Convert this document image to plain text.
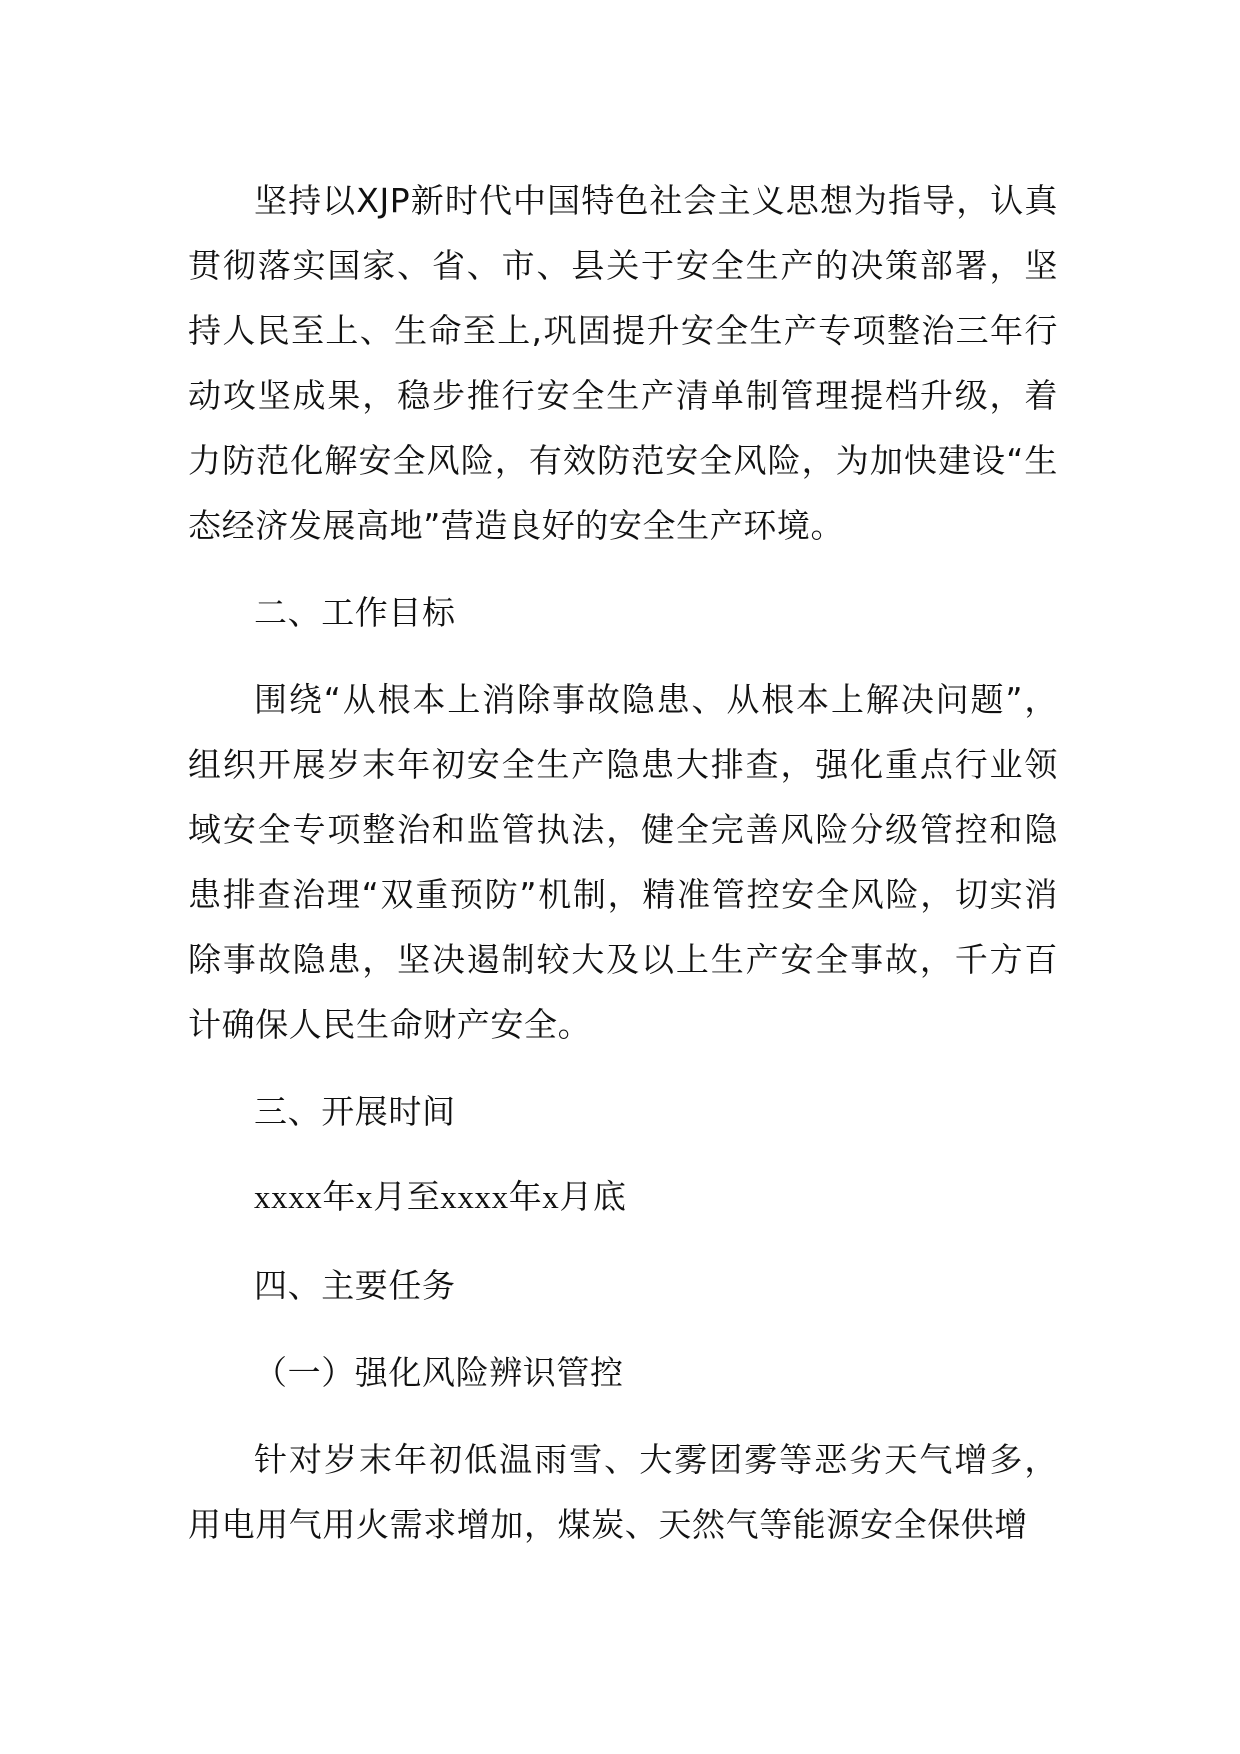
坚持以XJP新时代中国特色社会主义思想为指导，认真贯彻落实国家、省、市、县关于安全生产的决策部署，坚持人民至上、生命至上,巩固提升安全生产专项整治三年行动攻坚成果，稳步推行安全生产清单制管理提档升级，着力防范化解安全风险，有效防范安全风险，为加快建设“生态经济发展高地”营造良好的安全生产环境。

二、工作目标

围绕“从根本上消除事故隐患、从根本上解决问题”，组织开展岁末年初安全生产隐患大排查，强化重点行业领域安全专项整治和监管执法，健全完善风险分级管控和隐患排查治理“双重预防”机制，精准管控安全风险，切实消除事故隐患，坚决遏制较大及以上生产安全事故，千方百计确保人民生命财产安全。

三、开展时间

xxxx年x月至xxxx年x月底

四、主要任务

（一）强化风险辨识管控

针对岁末年初低温雨雪、大雾团雾等恶劣天气增多，用电用气用火需求增加，煤炭、天然气等能源安全保供增
